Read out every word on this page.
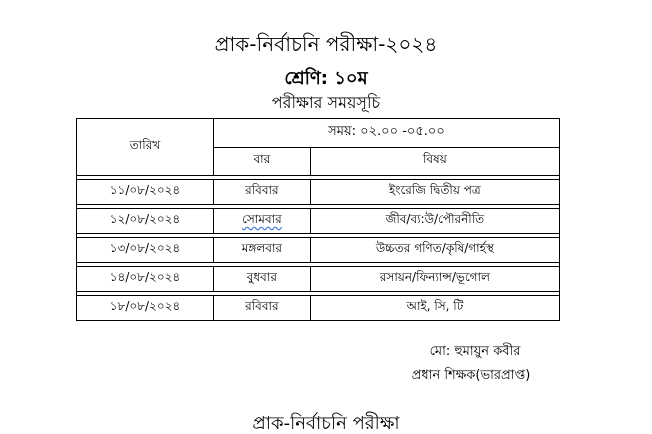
প্রাক-নির্বাচনি পরীক্ষা-২০২৪
শ্রেণি: ১০ম
পরীক্ষার সময়সূচি
তারিখ	সময়: ০২.০০ -০৫.০০	
	বার	বিষয়

১১/০৮/২০২৪	রবিবার	ইংরেজি দ্বিতীয় পত্র

১২/০৮/২০২৪	সোমবার	জীব/ব্য:উ/পৌরনীতি

১৩/০৮/২০২৪	মঙ্গলবার	উচ্চতর গণিত/কৃষি/গার্হস্থ

১৪/০৮/২০২৪	বুধবার	রসায়ন/ফিন্যান্স/ভূগোল

১৮/০৮/২০২৪	রবিবার	আই, সি, টি
মো: হুমায়ুন কবীর
প্রধান শিক্ষক(ভারপ্রাপ্ত)
প্রাক-নির্বাচনি পরীক্ষা
